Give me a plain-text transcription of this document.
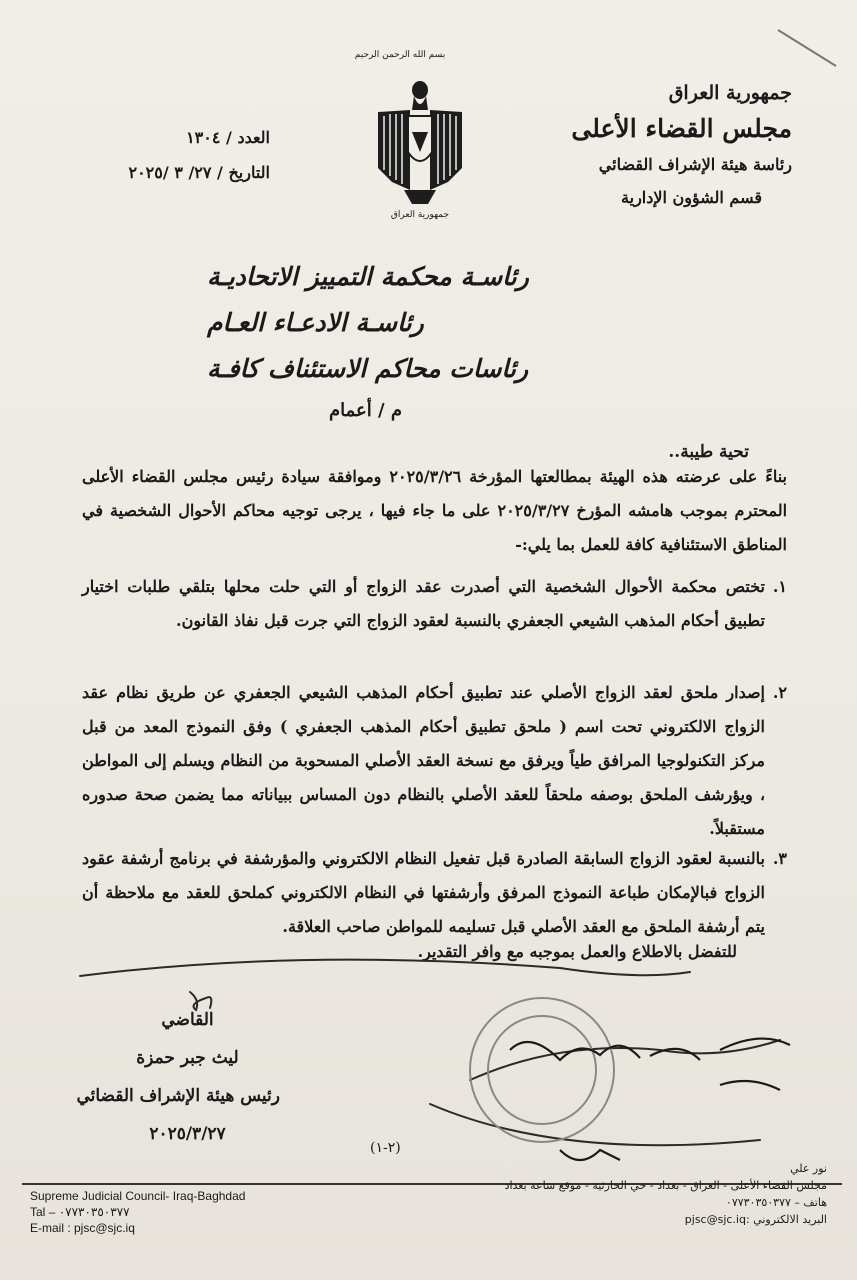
جمهورية العراق
مجلس القضاء الأعلى
رئاسة هيئة الإشراف القضائي
قسم الشؤون الإدارية
العدد / ١٣٠٤
التاريخ / ٢٧/ ٣ /٢٠٢٥
بسم الله الرحمن الرحيم
جمهورية العراق
رئاسـة محكمة التمييز الاتحاديـة
رئاسـة الادعـاء العـام
رئاسات محاكم الاستئناف كافـة
م / أعمام
تحية طيبة..
بناءً على عرضته هذه الهيئة بمطالعتها المؤرخة ٢٠٢٥/٣/٢٦ وموافقة سيادة رئيس مجلس القضاء الأعلى المحترم بموجب هامشه المؤرخ ٢٠٢٥/٣/٢٧ على ما جاء فيها ، يرجى توجيه محاكم الأحوال الشخصية في المناطق الاستئنافية كافة للعمل بما يلي:-
١.
تختص محكمة الأحوال الشخصية التي أصدرت عقد الزواج أو التي حلت محلها بتلقي طلبات اختيار تطبيق أحكام المذهب الشيعي الجعفري بالنسبة لعقود الزواج التي جرت قبل نفاذ القانون.
٢.
إصدار ملحق لعقد الزواج الأصلي عند تطبيق أحكام المذهب الشيعي الجعفري عن طريق نظام عقد الزواج الالكتروني تحت اسم ( ملحق تطبيق أحكام المذهب الجعفري ) وفق النموذج المعد من قبل مركز التكنولوجيا المرافق طياً ويرفق مع نسخة العقد الأصلي المسحوبة من النظام ويسلم إلى المواطن ، ويؤرشف الملحق بوصفه ملحقاً للعقد الأصلي بالنظام دون المساس ببياناته مما يضمن صحة صدوره مستقبلاً.
٣.
بالنسبة لعقود الزواج السابقة الصادرة قبل تفعيل النظام الالكتروني والمؤرشفة في برنامج أرشفة عقود الزواج فبالإمكان طباعة النموذج المرفق وأرشفتها في النظام الالكتروني كملحق للعقد مع ملاحظة أن يتم أرشفة الملحق مع العقد الأصلي قبل تسليمه للمواطن صاحب العلاقة.
للتفضل بالاطلاع والعمل بموجبه مع وافر التقدير.
القاضي
ليث جبر حمزة
رئيس هيئة الإشراف القضائي
٢٠٢٥/٣/٢٧
(٢-١)
Supreme Judicial Council- Iraq-Baghdad
Tal – ٠٧٧٣٠٣٥٠٣٧٧
E-mail : pjsc@sjc.iq
نور علي
مجلس القضاء الأعلى - العراق - بغداد - حي الحارثية - موقع ساعة بغداد
هاتف – ٠٧٧٣٠٣٥٠٣٧٧
البريد الالكتروني :pjsc@sjc.iq
